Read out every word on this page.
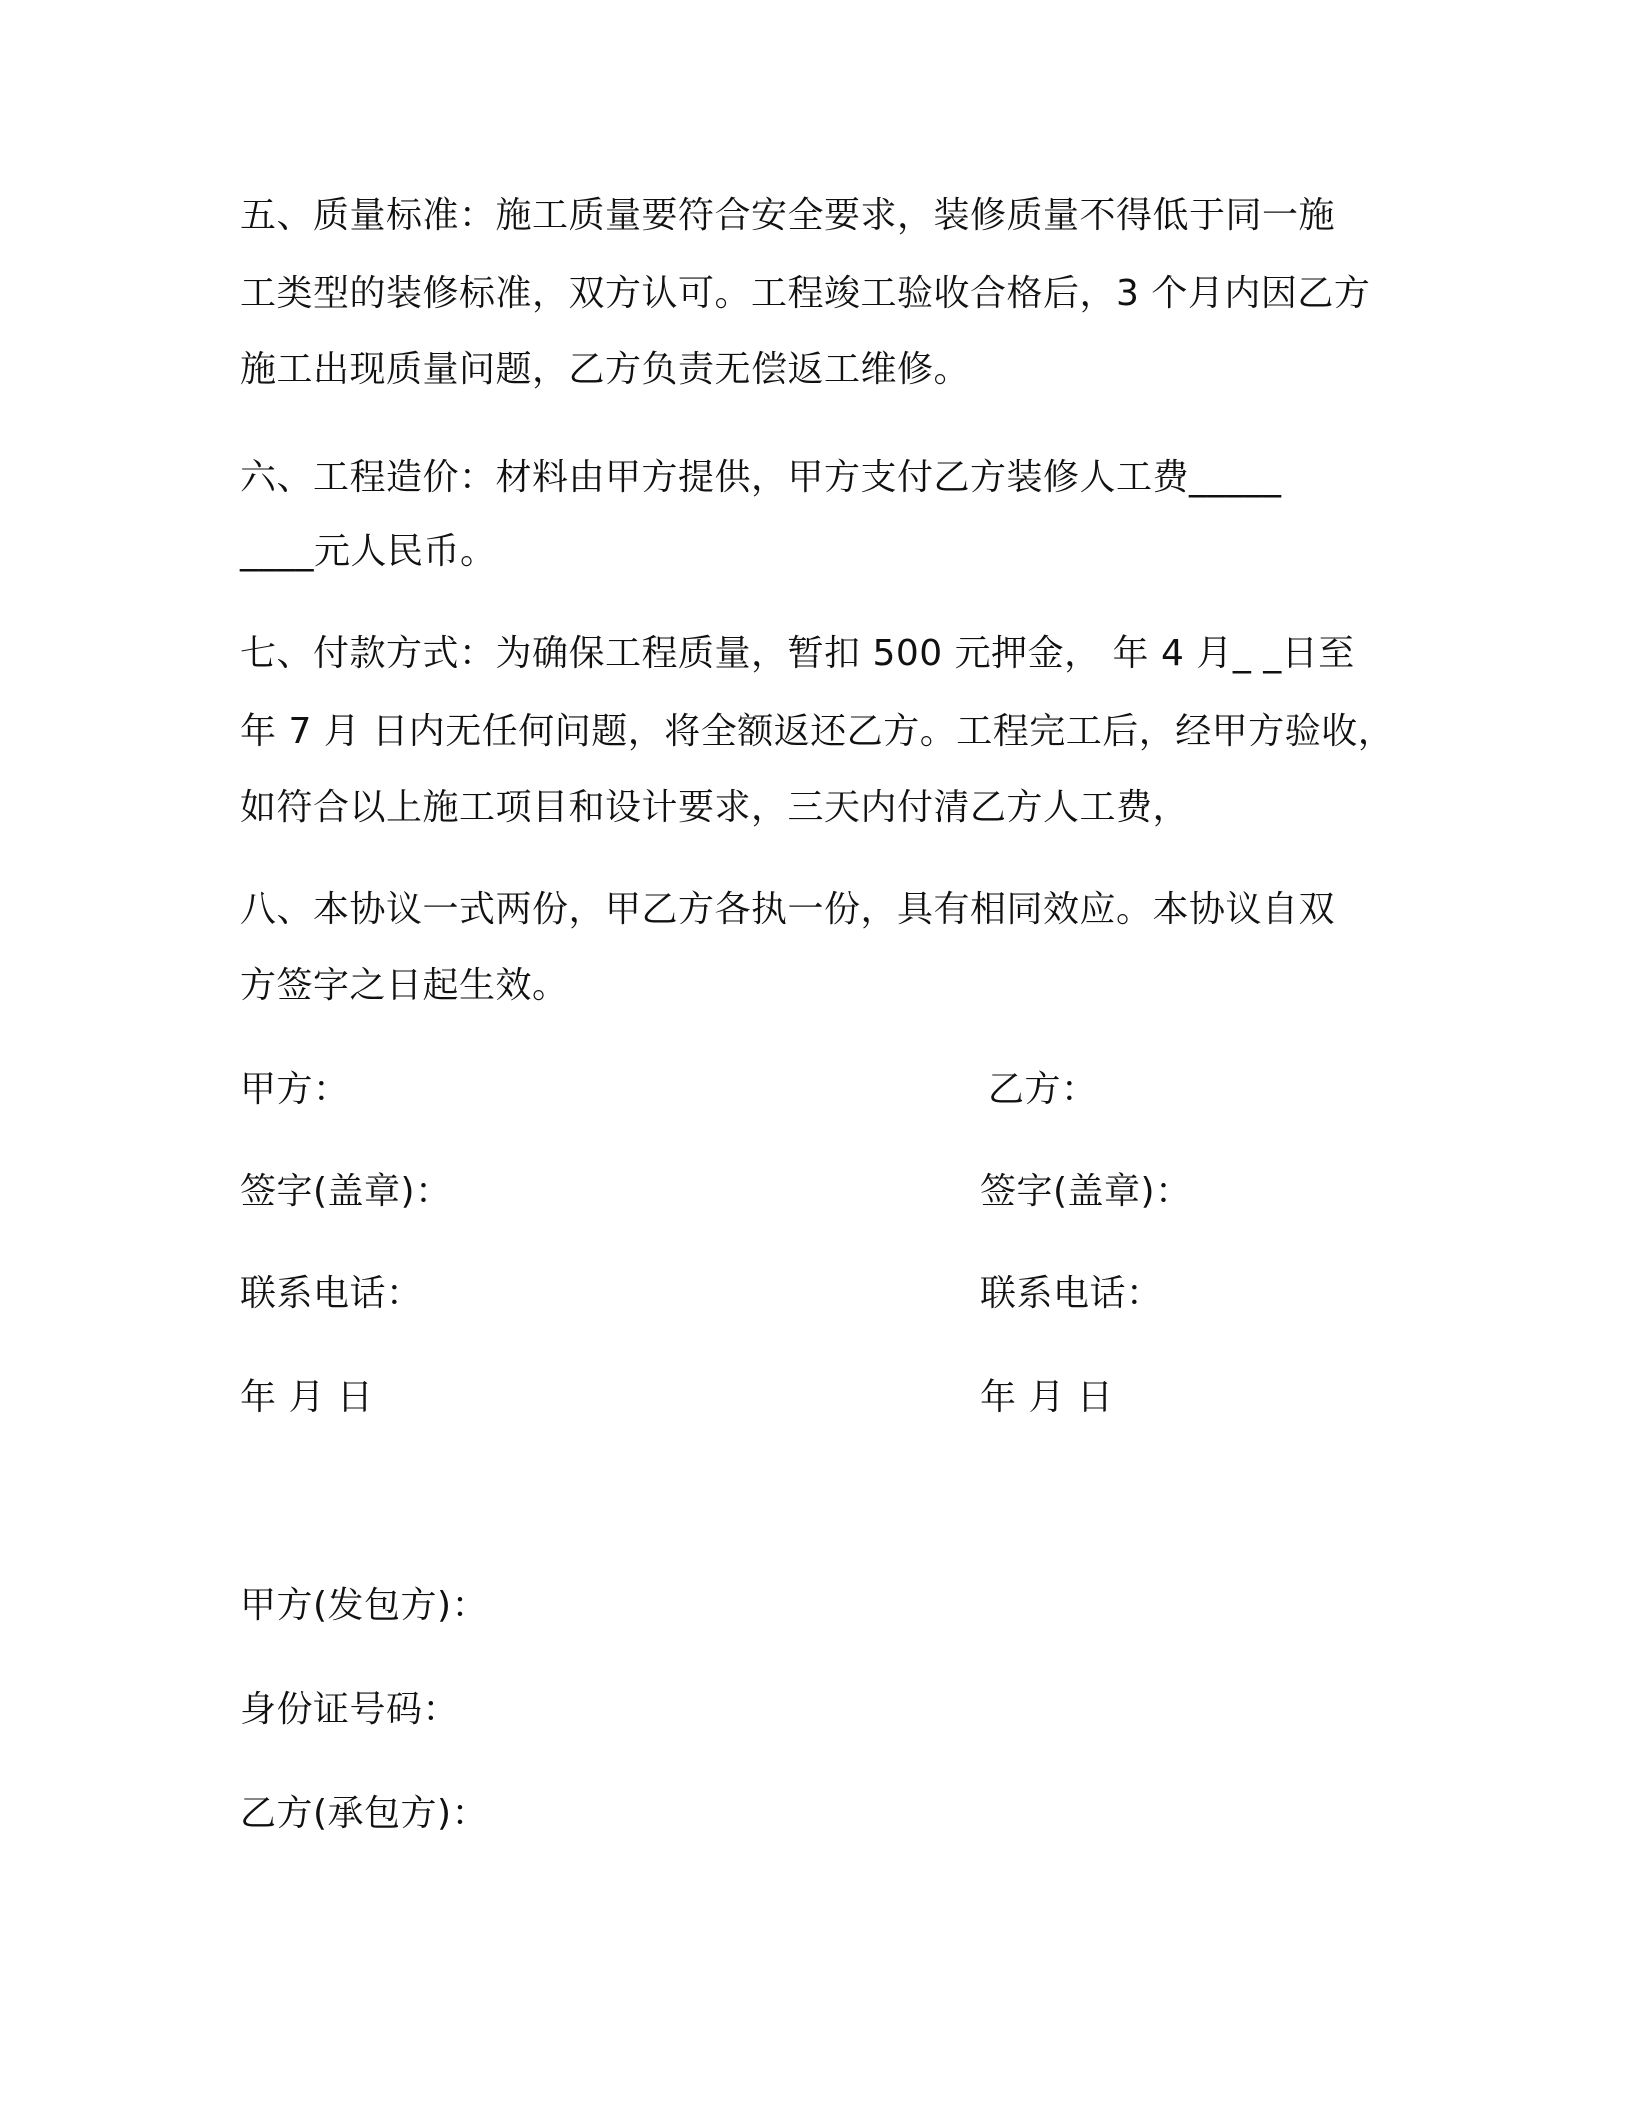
五、质量标准：施工质量要符合安全要求，装修质量不得低于同一施
工类型的装修标准，双方认可。工程竣工验收合格后，3 个月内因乙方
施工出现质量问题，乙方负责无偿返工维修。
六、工程造价：材料由甲方提供，甲方支付乙方装修人工费_____
____元人民币。
七、付款方式：为确保工程质量，暂扣 500 元押金， 年 4 月_ _日至
年 7 月 日内无任何问题，将全额返还乙方。工程完工后，经甲方验收，
如符合以上施工项目和设计要求，三天内付清乙方人工费，
八、本协议一式两份，甲乙方各执一份，具有相同效应。本协议自双
方签字之日起生效。
甲方：
签字(盖章)：
联系电话：
年 月 日
乙方：
签字(盖章)：
联系电话：
年 月 日
甲方(发包方)：
身份证号码：
乙方(承包方)：
